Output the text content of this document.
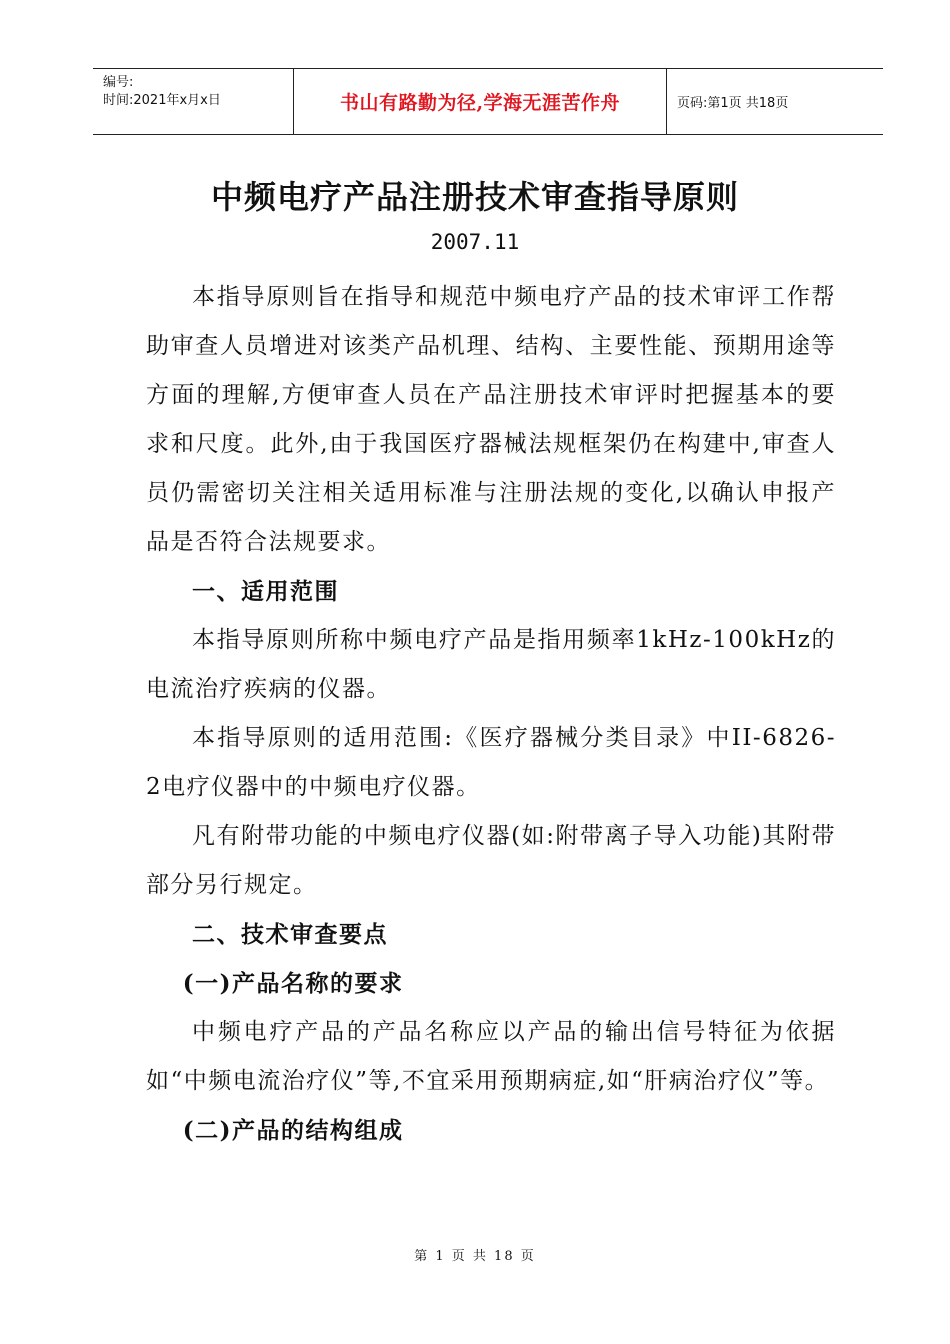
编号:
时间:2021年x月x日	书山有路勤为径,学海无涯苦作舟	页码:第1页 共18页
中频电疗产品注册技术审查指导原则
2007.11

本指导原则旨在指导和规范中频电疗产品的技术审评工作帮助审查人员增进对该类产品机理、结构、主要性能、预期用途等方面的理解,方便审查人员在产品注册技术审评时把握基本的要求和尺度。此外,由于我国医疗器械法规框架仍在构建中,审查人员仍需密切关注相关适用标准与注册法规的变化,以确认申报产品是否符合法规要求。

一、适用范围

本指导原则所称中频电疗产品是指用频率1kHz-100kHz的电流治疗疾病的仪器。

本指导原则的适用范围:《医疗器械分类目录》中II-6826-2电疗仪器中的中频电疗仪器。

凡有附带功能的中频电疗仪器(如:附带离子导入功能)其附带部分另行规定。

二、技术审查要点

(一)产品名称的要求

中频电疗产品的产品名称应以产品的输出信号特征为依据如“中频电流治疗仪”等,不宜采用预期病症,如“肝病治疗仪”等。

(二)产品的结构组成

第 1 页 共 18 页
